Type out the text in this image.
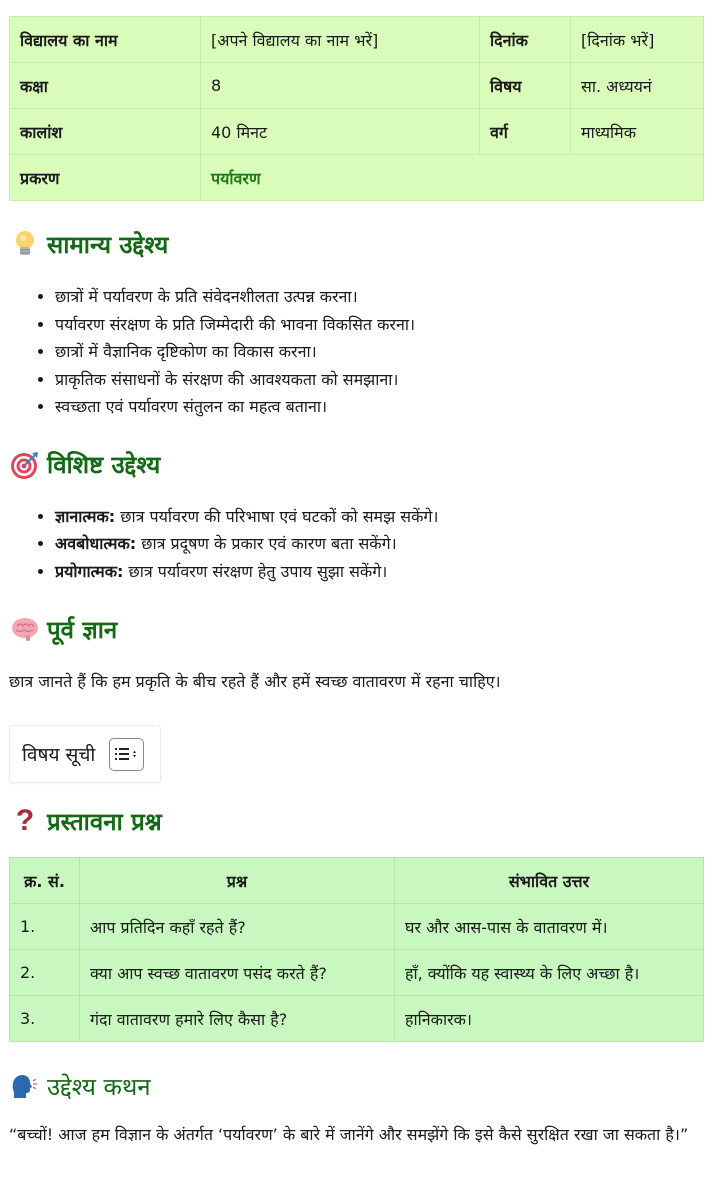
विद्यालय का नाम	[अपने विद्यालय का नाम भरें]	दिनांक	[दिनांक भरें]
कक्षा	8	विषय	सा. अध्ययनं
कालांश	40 मिनट	वर्ग	माध्यमिक
प्रकरण	पर्यावरण		
सामान्य उद्देश्य
• छात्रों में पर्यावरण के प्रति संवेदनशीलता उत्पन्न करना।
• पर्यावरण संरक्षण के प्रति जिम्मेदारी की भावना विकसित करना।
• छात्रों में वैज्ञानिक दृष्टिकोण का विकास करना।
• प्राकृतिक संसाधनों के संरक्षण की आवश्यकता को समझाना।
• स्वच्छता एवं पर्यावरण संतुलन का महत्व बताना।
विशिष्ट उद्देश्य
• ज्ञानात्मक: छात्र पर्यावरण की परिभाषा एवं घटकों को समझ सकेंगे।
• अवबोधात्मक: छात्र प्रदूषण के प्रकार एवं कारण बता सकेंगे।
• प्रयोगात्मक: छात्र पर्यावरण संरक्षण हेतु उपाय सुझा सकेंगे।
पूर्व ज्ञान

छात्र जानते हैं कि हम प्रकृति के बीच रहते हैं और हमें स्वच्छ वातावरण में रहना चाहिए।

विषय सूची
? प्रस्तावना प्रश्न
क्र. सं.	प्रश्न	संभावित उत्तर
1.	आप प्रतिदिन कहाँ रहते हैं?	घर और आस-पास के वातावरण में।
2.	क्या आप स्वच्छ वातावरण पसंद करते हैं?	हाँ, क्योंकि यह स्वास्थ्य के लिए अच्छा है।
3.	गंदा वातावरण हमारे लिए कैसा है?	हानिकारक।
उद्देश्य कथन

“बच्चों! आज हम विज्ञान के अंतर्गत ‘पर्यावरण’ के बारे में जानेंगे और समझेंगे कि इसे कैसे सुरक्षित रखा जा सकता है।”
